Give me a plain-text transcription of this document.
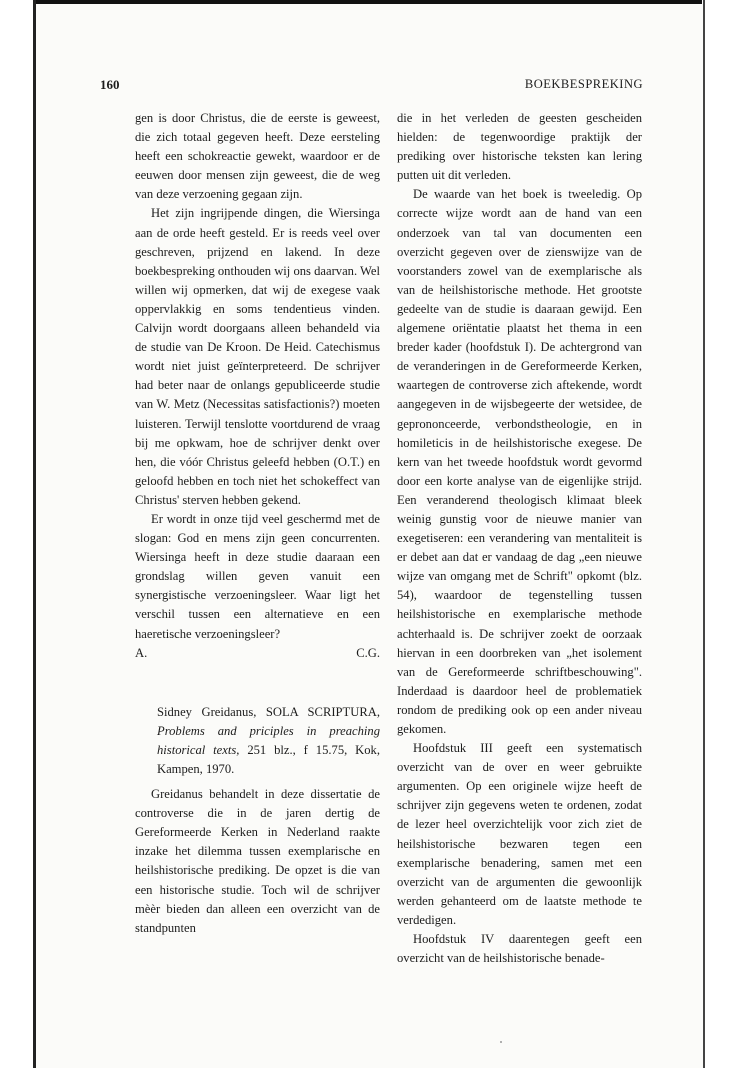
160	BOEKBESPREKING

gen is door Christus, die de eerste is geweest, die zich totaal gegeven heeft. Deze eersteling heeft een schokreactie gewekt, waardoor er de eeuwen door mensen zijn geweest, die de weg van deze verzoening gegaan zijn.

Het zijn ingrijpende dingen, die Wiersinga aan de orde heeft gesteld. Er is reeds veel over geschreven, prijzend en lakend. In deze boekbespreking onthouden wij ons daarvan. Wel willen wij opmerken, dat wij de exegese vaak oppervlakkig en soms tendentieus vinden. Calvijn wordt doorgaans alleen behandeld via de studie van De Kroon. De Heid. Catechismus wordt niet juist geïnterpreteerd. De schrijver had beter naar de onlangs gepubliceerde studie van W. Metz (Necessitas satisfactionis?) moeten luisteren. Terwijl tenslotte voortdurend de vraag bij me opkwam, hoe de schrijver denkt over hen, die vóór Christus geleefd hebben (O.T.) en geloofd hebben en toch niet het schokeffect van Christus' sterven hebben gekend.

Er wordt in onze tijd veel geschermd met de slogan: God en mens zijn geen concurrenten. Wiersinga heeft in deze studie daaraan een grondslag willen geven vanuit een synergistische verzoeningsleer. Waar ligt het verschil tussen een alternatieve en een haeretische verzoeningsleer?

A.	C.G.

Sidney Greidanus, SOLA SCRIPTURA, Problems and priciples in preaching historical texts, 251 blz., f 15.75, Kok, Kampen, 1970.

Greidanus behandelt in deze dissertatie de controverse die in de jaren dertig de Gereformeerde Kerken in Nederland raakte inzake het dilemma tussen exemplarische en heilshistorische prediking. De opzet is die van een historische studie. Toch wil de schrijver mèèr bieden dan alleen een overzicht van de standpunten

die in het verleden de geesten gescheiden hielden: de tegenwoordige praktijk der prediking over historische teksten kan lering putten uit dit verleden.

De waarde van het boek is tweeledig. Op correcte wijze wordt aan de hand van een onderzoek van tal van documenten een overzicht gegeven over de zienswijze van de voorstanders zowel van de exemplarische als van de heilshistorische methode. Het grootste gedeelte van de studie is daaraan gewijd. Een algemene oriëntatie plaatst het thema in een breder kader (hoofdstuk I). De achtergrond van de veranderingen in de Gereformeerde Kerken, waartegen de controverse zich aftekende, wordt aangegeven in de wijsbegeerte der wetsidee, de geprononceerde, verbondstheologie, en in homileticis in de heilshistorische exegese. De kern van het tweede hoofdstuk wordt gevormd door een korte analyse van de eigenlijke strijd. Een veranderend theologisch klimaat bleek weinig gunstig voor de nieuwe manier van exegetiseren: een verandering van mentaliteit is er debet aan dat er vandaag de dag „een nieuwe wijze van omgang met de Schrift" opkomt (blz. 54), waardoor de tegenstelling tussen heilshistorische en exemplarische methode achterhaald is. De schrijver zoekt de oorzaak hiervan in een doorbreken van „het isolement van de Gereformeerde schriftbeschouwing". Inderdaad is daardoor heel de problematiek rondom de prediking ook op een ander niveau gekomen.

Hoofdstuk III geeft een systematisch overzicht van de over en weer gebruikte argumenten. Op een originele wijze heeft de schrijver zijn gegevens weten te ordenen, zodat de lezer heel overzichtelijk voor zich ziet de heilshistorische bezwaren tegen een exemplarische benadering, samen met een overzicht van de argumenten die gewoonlijk werden gehanteerd om de laatste methode te verdedigen.

Hoofdstuk IV daarentegen geeft een overzicht van de heilshistorische benade-
